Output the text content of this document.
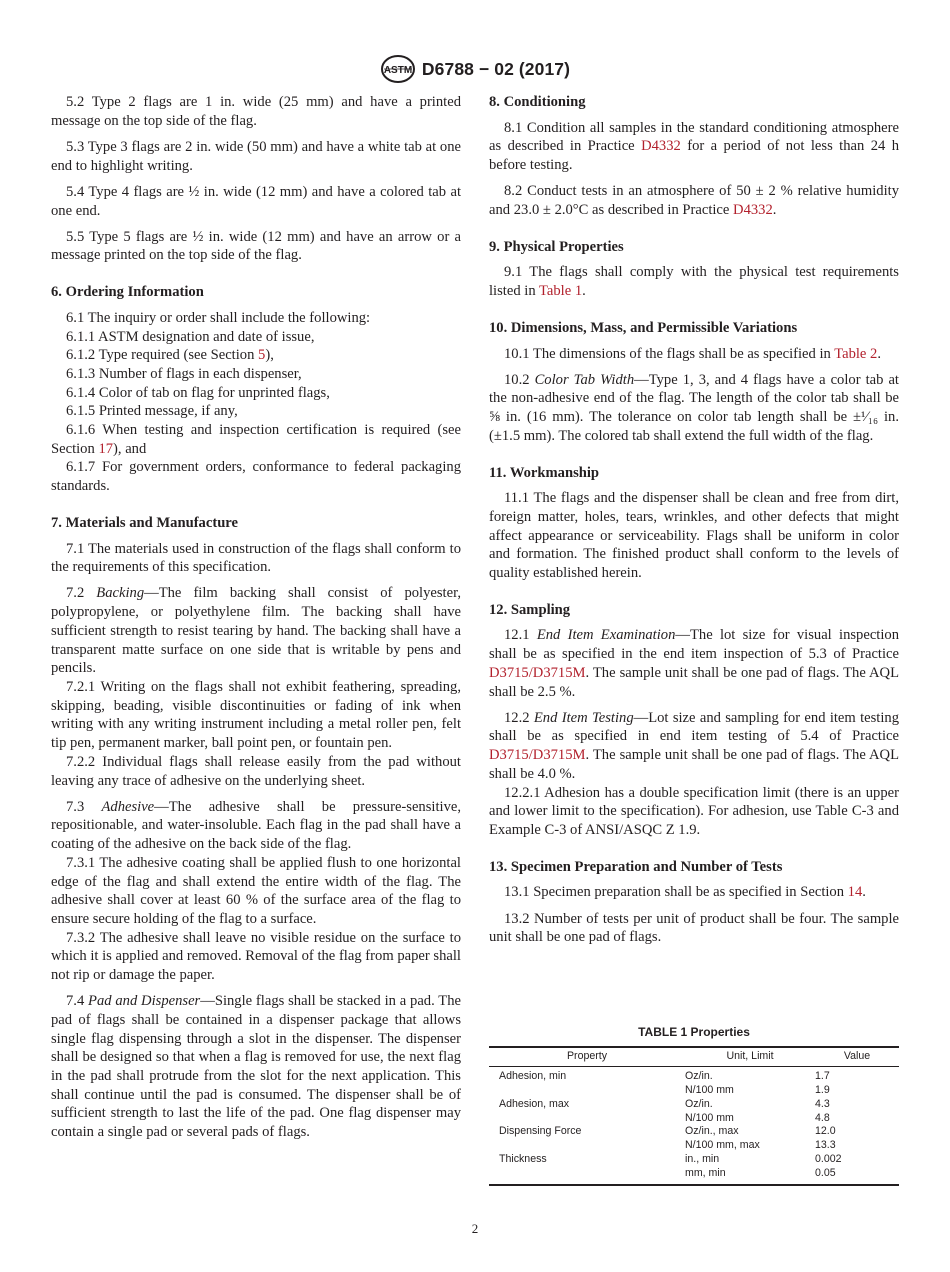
ASTM D6788 − 02 (2017)

5.2 Type 2 flags are 1 in. wide (25 mm) and have a printed message on the top side of the flag.

5.3 Type 3 flags are 2 in. wide (50 mm) and have a white tab at one end to highlight writing.

5.4 Type 4 flags are ½ in. wide (12 mm) and have a colored tab at one end.

5.5 Type 5 flags are ½ in. wide (12 mm) and have an arrow or a message printed on the top side of the flag.

6. Ordering Information

6.1 The inquiry or order shall include the following:

6.1.1 ASTM designation and date of issue,

6.1.2 Type required (see Section 5),

6.1.3 Number of flags in each dispenser,

6.1.4 Color of tab on flag for unprinted flags,

6.1.5 Printed message, if any,

6.1.6 When testing and inspection certification is required (see Section 17), and

6.1.7 For government orders, conformance to federal packaging standards.

7. Materials and Manufacture

7.1 The materials used in construction of the flags shall conform to the requirements of this specification.

7.2 Backing—The film backing shall consist of polyester, polypropylene, or polyethylene film. The backing shall have sufficient strength to resist tearing by hand. The backing shall have a transparent matte surface on one side that is writable by pens and pencils.

7.2.1 Writing on the flags shall not exhibit feathering, spreading, skipping, beading, visible discontinuities or fading of ink when writing with any writing instrument including a metal roller pen, felt tip pen, permanent marker, ball point pen, or fountain pen.

7.2.2 Individual flags shall release easily from the pad without leaving any trace of adhesive on the underlying sheet.

7.3 Adhesive—The adhesive shall be pressure-sensitive, repositionable, and water-insoluble. Each flag in the pad shall have a coating of the adhesive on the back side of the flag.

7.3.1 The adhesive coating shall be applied flush to one horizontal edge of the flag and shall extend the entire width of the flag. The adhesive shall cover at least 60 % of the surface area of the flag to ensure secure holding of the flag to a surface.

7.3.2 The adhesive shall leave no visible residue on the surface to which it is applied and removed. Removal of the flag from paper shall not rip or damage the paper.

7.4 Pad and Dispenser—Single flags shall be stacked in a pad. The pad of flags shall be contained in a dispenser package that allows single flag dispensing through a slot in the dispenser. The dispenser shall be designed so that when a flag is removed for use, the next flag in the pad shall protrude from the slot for the next application. This shall continue until the pad is consumed. The dispenser shall be of sufficient strength to last the life of the pad. One flag dispenser may contain a single pad or several pads of flags.

8. Conditioning

8.1 Condition all samples in the standard conditioning atmosphere as described in Practice D4332 for a period of not less than 24 h before testing.

8.2 Conduct tests in an atmosphere of 50 ± 2 % relative humidity and 23.0 ± 2.0°C as described in Practice D4332.

9. Physical Properties

9.1 The flags shall comply with the physical test requirements listed in Table 1.

10. Dimensions, Mass, and Permissible Variations

10.1 The dimensions of the flags shall be as specified in Table 2.

10.2 Color Tab Width—Type 1, 3, and 4 flags have a color tab at the non-adhesive end of the flag. The length of the color tab shall be ⅝ in. (16 mm). The tolerance on color tab length shall be ±¹⁄₁₆ in. (±1.5 mm). The colored tab shall extend the full width of the flag.

11. Workmanship

11.1 The flags and the dispenser shall be clean and free from dirt, foreign matter, holes, tears, wrinkles, and other defects that might affect appearance or serviceability. Flags shall be uniform in color and formation. The finished product shall conform to the levels of quality established herein.

12. Sampling

12.1 End Item Examination—The lot size for visual inspection shall be as specified in the end item inspection of 5.3 of Practice D3715/D3715M. The sample unit shall be one pad of flags. The AQL shall be 2.5 %.

12.2 End Item Testing—Lot size and sampling for end item testing shall be as specified in end item testing of 5.4 of Practice D3715/D3715M. The sample unit shall be one pad of flags. The AQL shall be 4.0 %.

12.2.1 Adhesion has a double specification limit (there is an upper and lower limit to the specification). For adhesion, use Table C-3 and Example C-3 of ANSI/ASQC Z 1.9.

13. Specimen Preparation and Number of Tests

13.1 Specimen preparation shall be as specified in Section 14.

13.2 Number of tests per unit of product shall be four. The sample unit shall be one pad of flags.

TABLE 1 Properties
Property	Unit, Limit	Value
Adhesion, min	Oz/in.	1.7
	N/100 mm	1.9
Adhesion, max	Oz/in.	4.3
	N/100 mm	4.8
Dispensing Force	Oz/in., max	12.0
	N/100 mm, max	13.3
Thickness	in., min	0.002
	mm, min	0.05
2
